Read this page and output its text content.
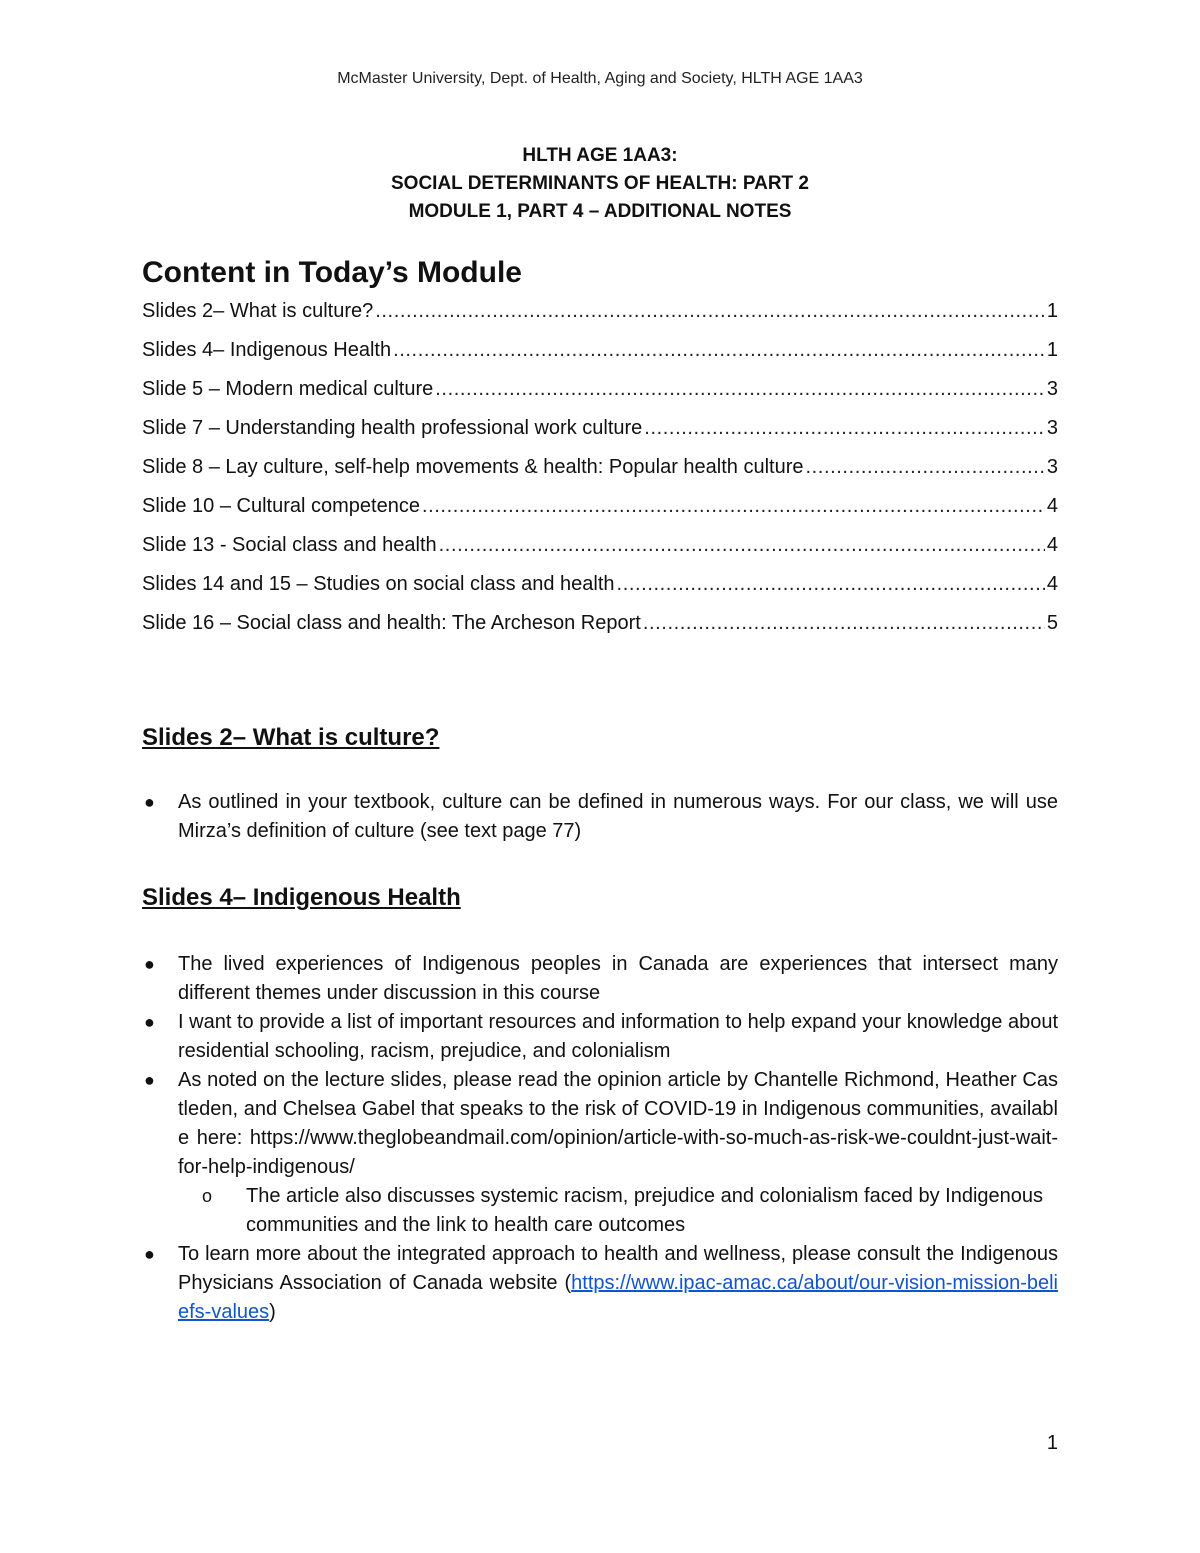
McMaster University, Dept. of Health, Aging and Society, HLTH AGE 1AA3
HLTH AGE 1AA3:
SOCIAL DETERMINANTS OF HEALTH: PART 2
MODULE 1, PART 4 – ADDITIONAL NOTES
Content in Today’s Module
Slides 2– What is culture? .....	1
Slides 4– Indigenous Health .....	1
Slide 5 – Modern medical culture .....	3
Slide 7 – Understanding health professional work culture .....	3
Slide 8 – Lay culture, self-help movements & health: Popular health culture .....	3
Slide 10 – Cultural competence .....	4
Slide 13 - Social class and health .....	4
Slides 14 and 15 – Studies on social class and health .....	4
Slide 16 – Social class and health: The Archeson Report .....	5
Slides 2– What is culture?
●	As outlined in your textbook, culture can be defined in numerous ways. For our class, we will use Mirza’s definition of culture (see text page 77)
Slides 4– Indigenous Health
●	The lived experiences of Indigenous peoples in Canada are experiences that intersect many different themes under discussion in this course
●	I want to provide a list of important resources and information to help expand your knowledge about residential schooling, racism, prejudice, and colonialism
●	As noted on the lecture slides, please read the opinion article by Chantelle Richmond, Heather Castleden, and Chelsea Gabel that speaks to the risk of COVID-19 in Indigenous communities, available here: https://www.theglobeandmail.com/opinion/article-with-so-much-as-risk-we-couldnt-just-wait-for-help-indigenous/
o	The article also discusses systemic racism, prejudice and colonialism faced by Indigenous communities and the link to health care outcomes
●	To learn more about the integrated approach to health and wellness, please consult the Indigenous Physicians Association of Canada website (https://www.ipac-amac.ca/about/our-vision-mission-beliefs-values)
1
